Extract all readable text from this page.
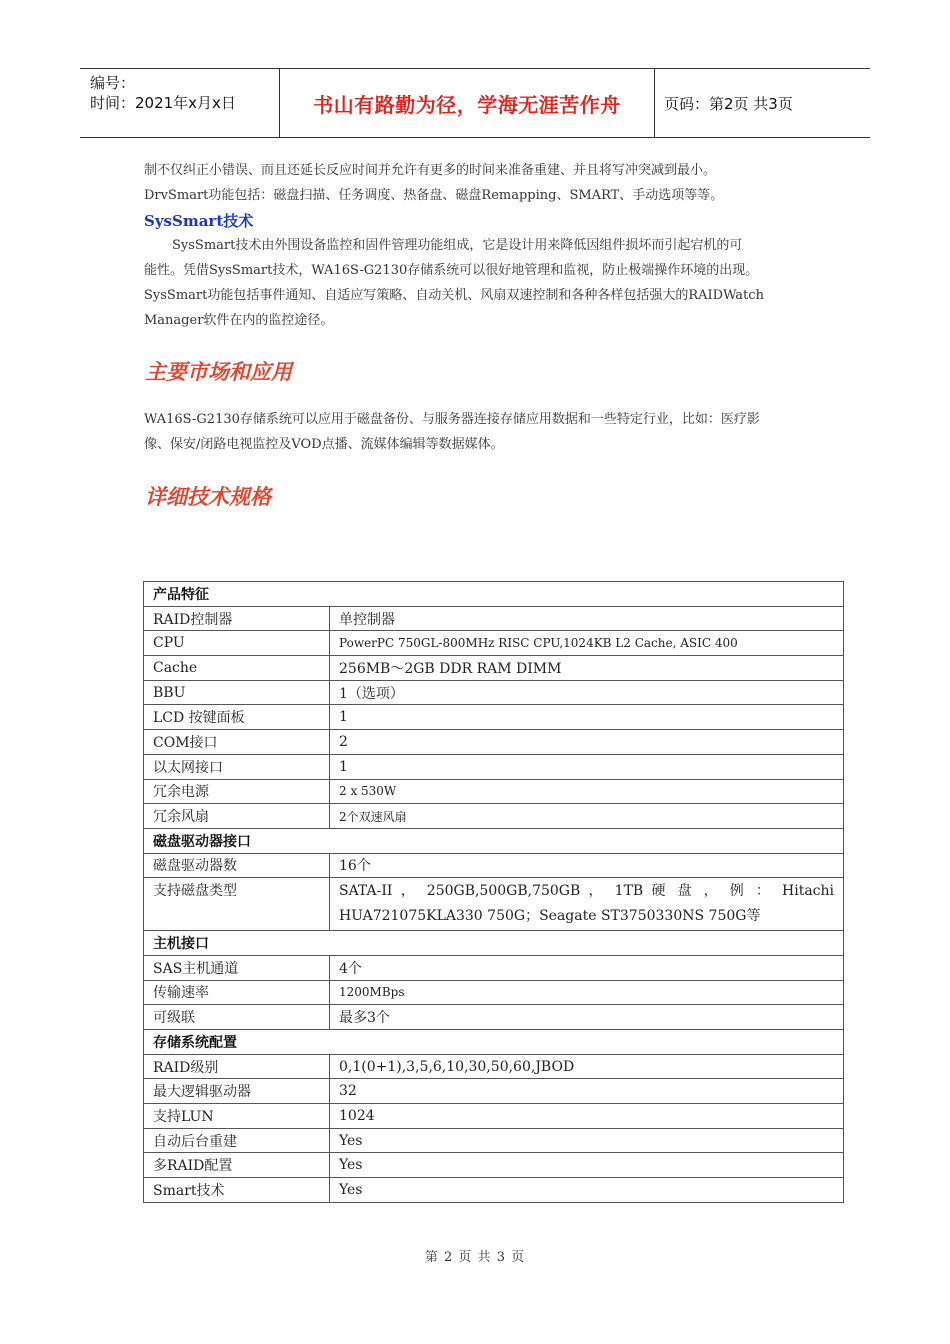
编号：
时间：2021年x月x日	书山有路勤为径，学海无涯苦作舟	页码：第2页 共3页
制不仅纠正小错误、而且还延长反应时间并允许有更多的时间来准备重建、并且将写冲突减到最小。
DrvSmart功能包括：磁盘扫描、任务调度、热备盘、磁盘Remapping、SMART、手动选项等等。
SysSmart技术
SysSmart技术由外围设备监控和固件管理功能组成，它是设计用来降低因组件损坏而引起宕机的可
能性。凭借SysSmart技术，WA16S-G2130存储系统可以很好地管理和监视，防止极端操作环境的出现。
SysSmart功能包括事件通知、自适应写策略、自动关机、风扇双速控制和各种各样包括强大的RAIDWatch
Manager软件在内的监控途径。
主要市场和应用
WA16S-G2130存储系统可以应用于磁盘备份、与服务器连接存储应用数据和一些特定行业，比如：医疗影
像、保安/闭路电视监控及VOD点播、流媒体编辑等数据媒体。
详细技术规格
产品特征	
RAID控制器	单控制器
CPU	PowerPC 750GL-800MHz RISC CPU,1024KB L2 Cache, ASIC 400
Cache	256MB～2GB DDR RAM DIMM
BBU	1（选项）
LCD 按键面板	1
COM接口	2
以太网接口	1
冗余电源	2 x 530W
冗余风扇	2个双速风扇
磁盘驱动器接口	
磁盘驱动器数	16个
支持磁盘类型	SATA-II ， 250GB,500GB,750GB ， 1TB 硬 盘 ， 例 ： Hitachi
HUA721075KLA330 750G；Seagate ST3750330NS 750G等

主机接口	
SAS主机通道	4个
传输速率	1200MBps
可级联	最多3个
存储系统配置	
RAID级别	0,1(0+1),3,5,6,10,30,50,60,JBOD
最大逻辑驱动器	32
支持LUN	1024
自动后台重建	Yes
多RAID配置	Yes
Smart技术	Yes
第 2 页 共 3 页
